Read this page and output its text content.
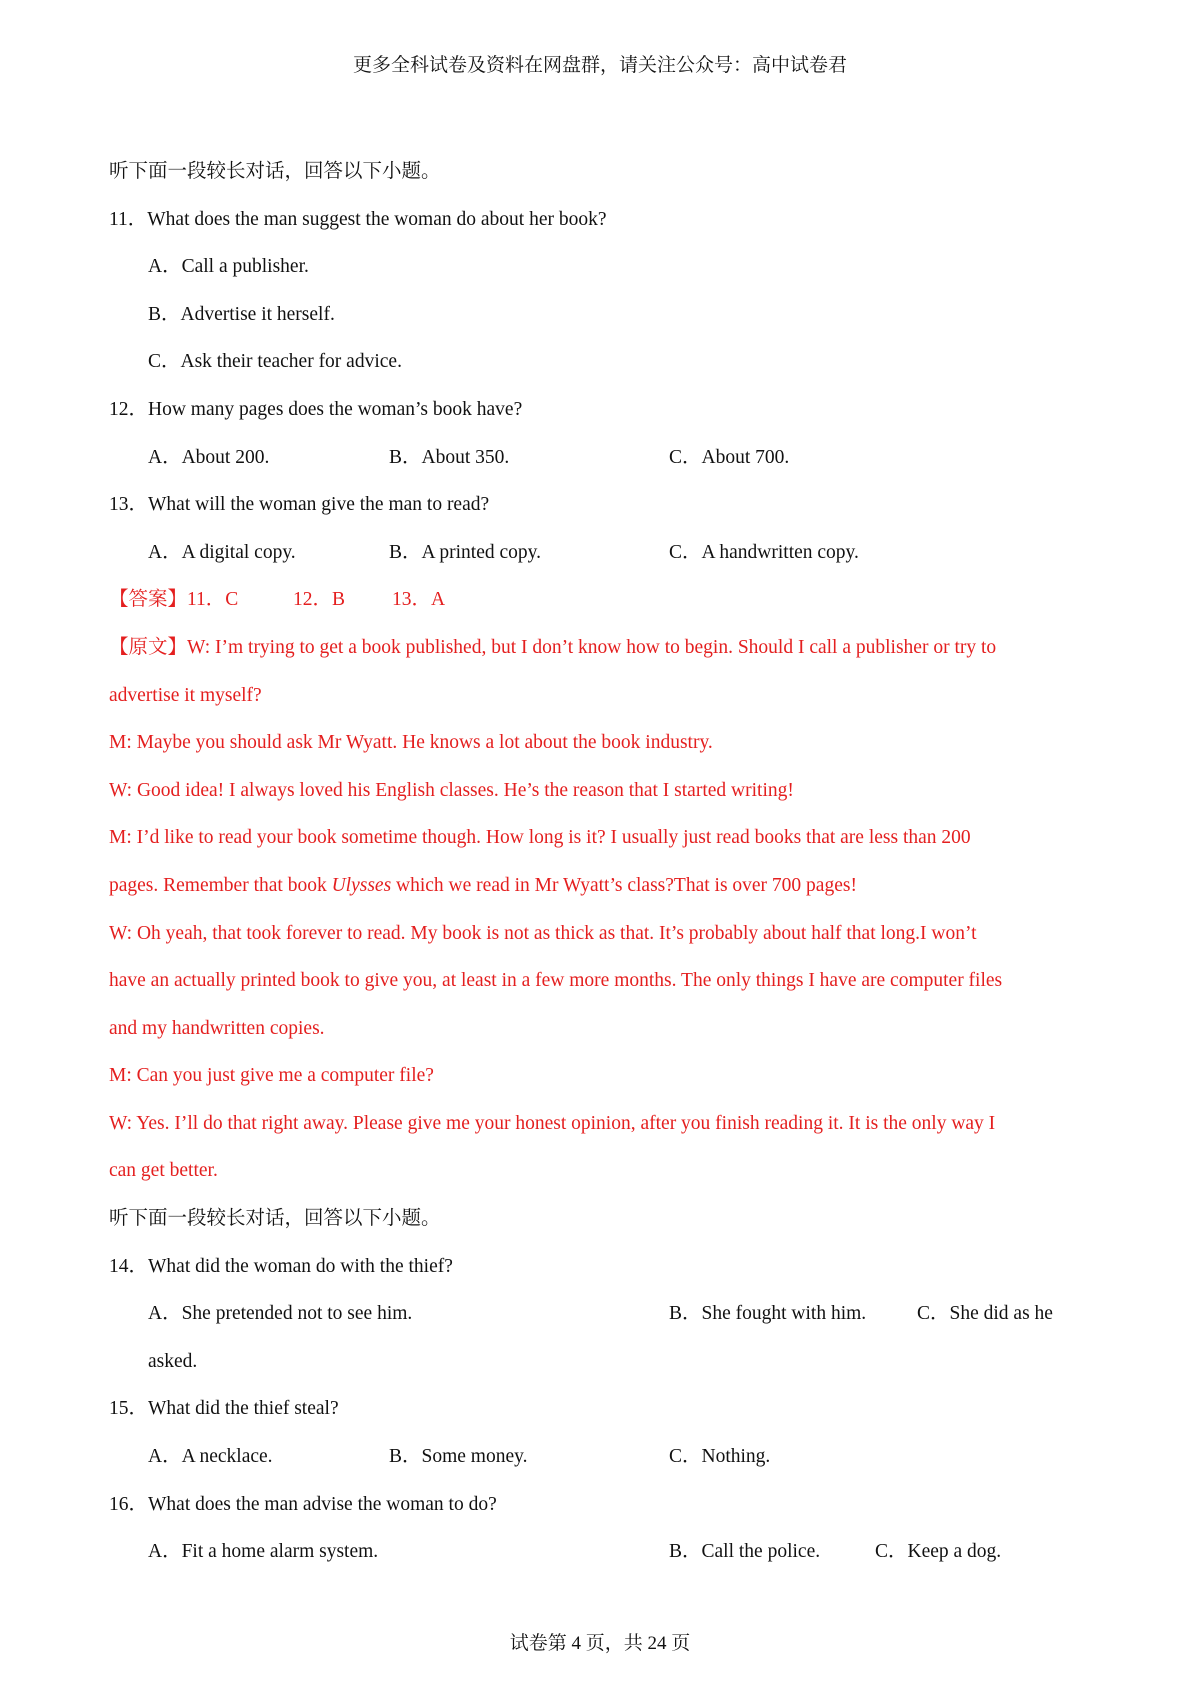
更多全科试卷及资料在网盘群，请关注公众号：高中试卷君
听下面一段较长对话，回答以下小题。
11．What does the man suggest the woman do about her book?
A．Call a publisher.
B．Advertise it herself.
C．Ask their teacher for advice.
12．How many pages does the woman’s book have?
A．About 200.	B．About 350.	C．About 700.
13．What will the woman give the man to read?
A．A digital copy.	B．A printed copy.	C．A handwritten copy.
【答案】11．C	12．B 13．A
【原文】W: I’m trying to get a book published, but I don’t know how to begin. Should I call a publisher or try to
advertise it myself?
M: Maybe you should ask Mr Wyatt. He knows a lot about the book industry.
W: Good idea! I always loved his English classes. He’s the reason that I started writing!
M: I’d like to read your book sometime though. How long is it? I usually just read books that are less than 200
pages. Remember that book Ulysses which we read in Mr Wyatt’s class?That is over 700 pages!
W: Oh yeah, that took forever to read. My book is not as thick as that. It’s probably about half that long.I won’t
have an actually printed book to give you, at least in a few more months. The only things I have are computer files
and my handwritten copies.
M: Can you just give me a computer file?
W: Yes. I’ll do that right away. Please give me your honest opinion, after you finish reading it. It is the only way I
can get better.
听下面一段较长对话，回答以下小题。
14．What did the woman do with the thief?
A．She pretended not to see him.	B．She fought with him.	C．She did as he
asked.
15．What did the thief steal?
A．A necklace.	B．Some money.	C．Nothing.
16．What does the man advise the woman to do?
A．Fit a home alarm system.	B．Call the police.	C．Keep a dog.
试卷第 4 页，共 24 页
